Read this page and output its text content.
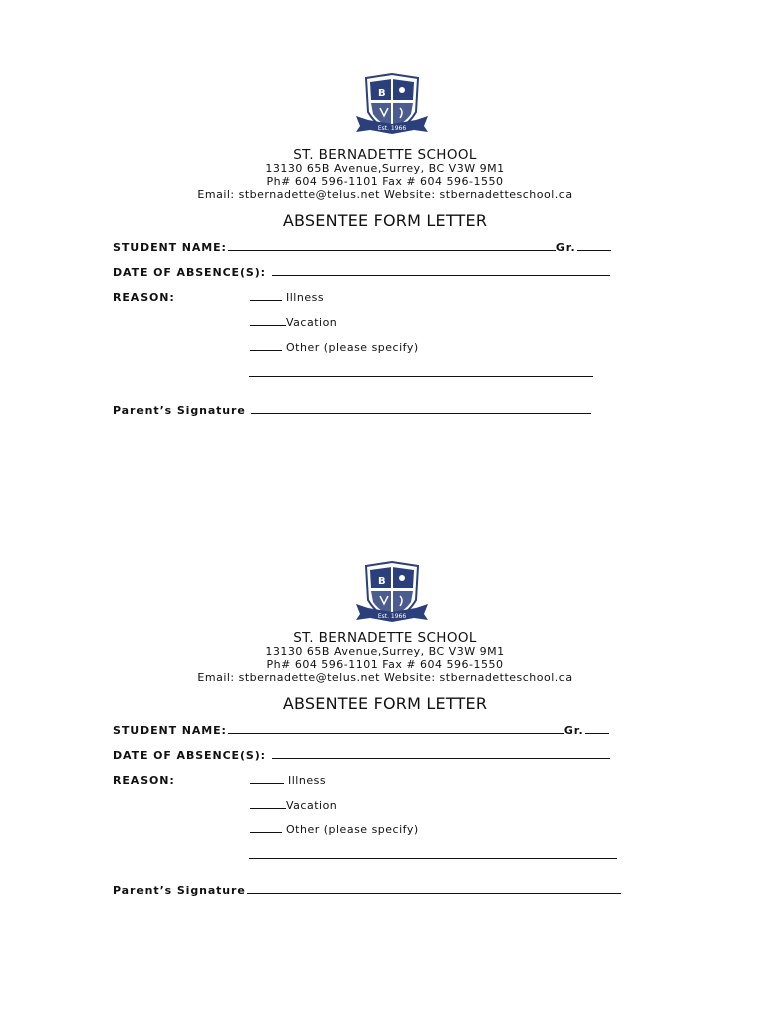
B
Est. 1966
ST. BERNADETTE SCHOOL
13130 65B Avenue,Surrey, BC V3W 9M1
Ph# 604 596-1101 Fax # 604 596-1550
Email: stbernadette@telus.net Website: stbernadetteschool.ca
ABSENTEE FORM LETTER
STUDENT NAME:	Gr.
DATE OF ABSENCE(S):
REASON:	Illness
Vacation
Other (please specify)
Parent’s Signature
B
Est. 1966
ST. BERNADETTE SCHOOL
13130 65B Avenue,Surrey, BC V3W 9M1
Ph# 604 596-1101 Fax # 604 596-1550
Email: stbernadette@telus.net Website: stbernadetteschool.ca
ABSENTEE FORM LETTER
STUDENT NAME:	Gr.
DATE OF ABSENCE(S):
REASON:	Illness
Vacation
Other (please specify)
Parent’s Signature
